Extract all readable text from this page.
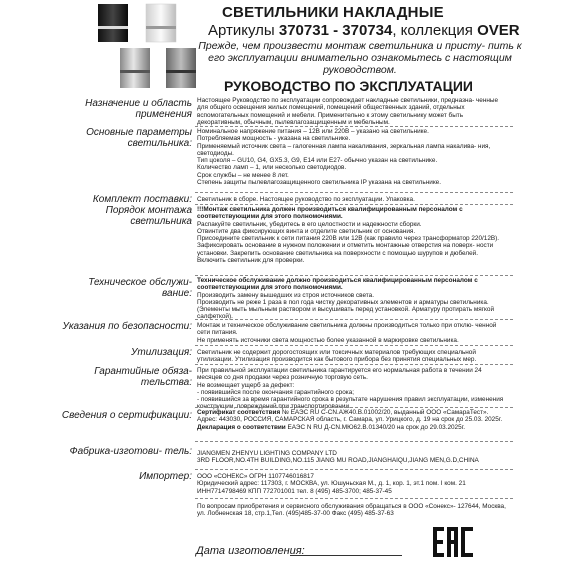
СВЕТИЛЬНИКИ НАКЛАДНЫЕ
Артикулы 370731 - 370734, коллекция OVER
Прежде, чем произвести монтаж светильника и присту- пить к его эксплуатации внимательно ознакомьтесь с настоящим руководством.
РУКОВОДСТВО ПО ЭКСПЛУАТАЦИИ
Назначение и область применения
Настоящее Руководство по эксплуатации сопровождает накладные светильники, предназна- ченные для общего освещения жилых помещений, помещений общественных зданий, отдельных вспомогательных помещений и мебели. Применительно к этому светильнику может быть декоративным, обычным, пылевлагозащищенным и мебельным.
Основные параметры светильника:

Номинальное напряжение питания – 12В или 220В – указано на светильнике.

Потребляемая мощность - указана на светильнике.

Применяемый источник света – галогенная лампа накаливания, зеркальная лампа накалива- ния, светодиоды.

Тип цоколя – GU10, G4, GX5.3, G9, E14 или E27- обычно указан на светильнике.

Количество ламп – 1, или несколько светодиодов.

Срок службы – не менее 8 лет.

Степень защиты пылевлагозащищенного светильника IP указана на светильнике.

Комплект поставки: Светильник в сборе. Настоящее руководство по эксплуатации. Упаковка.
Порядок монтажа светильника

!!!Монтаж светильника должен производиться квалифицированным персоналом с соответствующими для этого полномочиями.

Распакуйте светильник, убедитесь в его целостности и надежности сборки.

Отвинтите два фиксирующих винта и отделите светильник от основания.

Присоедините светильник к сети питания 220В или 12В (как правило через трансформатор 220/12В).

Зафиксировать основание в нужном положении и отметить монтажные отверстия на поверх- ности установки. Закрепить основание светильника на поверхности с помощью шурупов и дюбелей.

Включить светильник для проверки.

Техническое обслужи- вание:

Техническое обслуживание должно производиться квалифицированным персоналом с соответствующими для этого полномочиями.

Производить замену вышедших из строя источников света.

Производить не реже 1 раза в пол года чистку декоративных элементов и арматуры светильника. (Элементы мыть мыльным раствором и высушивать перед установкой. Арматуру протирать мягкой салфеткой).

Указания по безопасности: Монтаж и техническое обслуживание светильника должны производиться только при отклю- ченной сети питания.

Не применять источники света мощностью более указанной в маркировке светильника.

Утилизация: Светильник не содержит дорогостоящих или токсичных материалов требующих специальной утилизации. Утилизация производится как бытового прибора без принятия специальных мер.
Гарантийные обяза- тельства:

При правильной эксплуатации светильника гарантируется его нормальная работа в течении 24 месяцев со дня продажи через розничную торговую сеть.

Не возмещает ущерб за дефект:

- появившийся после окончания гарантийного срока;

- появившийся за время гарантийного срока в результате нарушения правил эксплуатации, изменения конструкции, повреждений при транспортировании.

Сведения о сертификации: Сертификат соответствия № ЕАЭС RU C-CN.АЖ40.В.01002/20, выданный ООО «СамараТест». Адрес: 443030, РОССИЯ, САМАРСКАЯ область, г. Самара, ул. Урицкого, д. 19 на срок до 25.03. 2025г.

Декларация о соответствии ЕАЭС N RU Д-CN.МЮ62.В.01340/20 на срок до 29.03.2025г.

Фабрика-изготови- тель: JIANGMEN ZHENYU LIGHTING COMPANY LTD

3RD FLOOR,NO.4TH BUILDING,NO.115 JIANG MU ROAD,JIANGHAIQU,JIANG MEN,G.D,CHINA

Импортер: ООО «СОНЕКС» ОГРН 1107746016817

Юридический адрес: 117303, г. МОСКВА, ул. Юшуньская М., д. 1, кор. 1, эт.1 пом. I ком. 21

ИНН7714798469 КПП 772701001 тел. 8 (495) 485-3700; 485-37-45

По вопросам приобретения и сервисного обслуживания обращаться в ООО «Сонекс»- 127644, Москва, ул. Лобненская 18, стр.1,Тел. (495)485-37-00 Факс (495) 485-37-63

Дата изготовления:
